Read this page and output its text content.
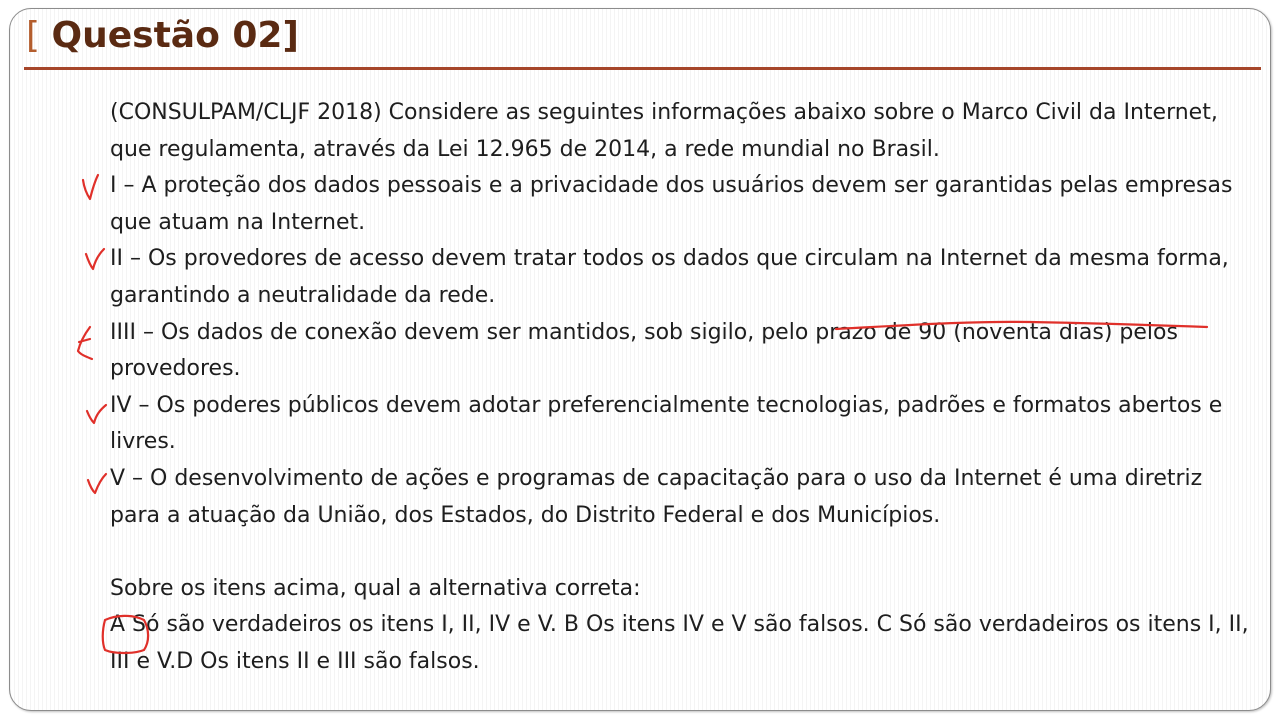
[ Questão 02]

(CONSULPAM/CLJF 2018) Considere as seguintes informações abaixo sobre o Marco Civil da Internet, que regulamenta, através da Lei 12.965 de 2014, a rede mundial no Brasil.

I – A proteção dos dados pessoais e a privacidade dos usuários devem ser garantidas pelas empresas que atuam na Internet.

II – Os provedores de acesso devem tratar todos os dados que circulam na Internet da mesma forma, garantindo a neutralidade da rede.

IIII – Os dados de conexão devem ser mantidos, sob sigilo, pelo prazo de 90 (noventa dias) pelos provedores.

IV – Os poderes públicos devem adotar preferencialmente tecnologias, padrões e formatos abertos e livres.

V – O desenvolvimento de ações e programas de capacitação para o uso da Internet é uma diretriz para a atuação da União, dos Estados, do Distrito Federal e dos Municípios.

Sobre os itens acima, qual a alternativa correta:

A Só são verdadeiros os itens I, II, IV e V. B Os itens IV e V são falsos. C Só são verdadeiros os itens I, II, III e V.D Os itens II e III são falsos.
